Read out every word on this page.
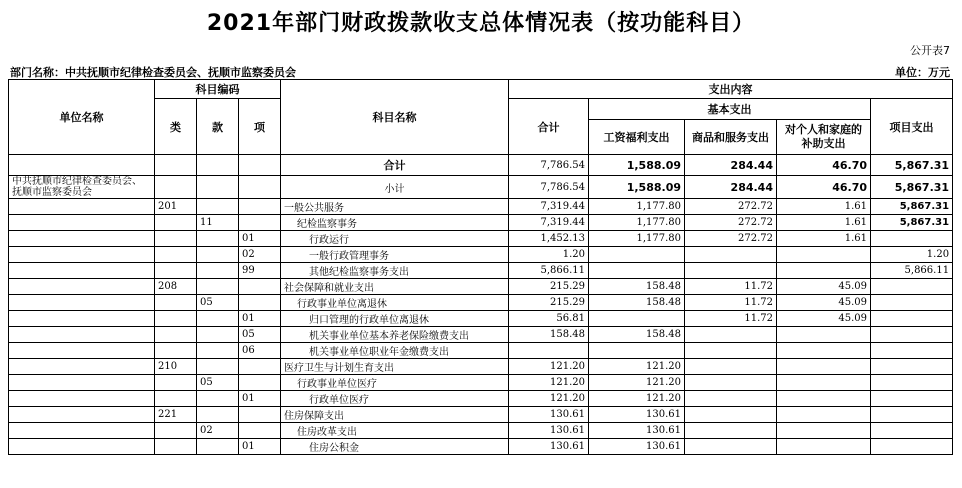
2021年部门财政拨款收支总体情况表（按功能科目）
公开表7
部门名称：中共抚顺市纪律检查委员会、抚顺市监察委员会	单位：万元
单位名称	科目编码			科目名称	支出内容				
	类	款	项		合计	基本支出			项目支出
						工资福利支出	商品和服务支出	对个人和家庭的补助支出	
				合计	7,786.54	1,588.09	284.44	46.70	5,867.31
中共抚顺市纪律检查委员会、抚顺市监察委员会				小计	7,786.54	1,588.09	284.44	46.70	5,867.31
	201			一般公共服务	7,319.44	1,177.80	272.72	1.61	5,867.31
		11		纪检监察事务	7,319.44	1,177.80	272.72	1.61	5,867.31
			01	行政运行	1,452.13	1,177.80	272.72	1.61	
			02	一般行政管理事务	1.20				1.20
			99	其他纪检监察事务支出	5,866.11				5,866.11
	208			社会保障和就业支出	215.29	158.48	11.72	45.09	
		05		行政事业单位离退休	215.29	158.48	11.72	45.09	
			01	归口管理的行政单位离退休	56.81		11.72	45.09	
			05	机关事业单位基本养老保险缴费支出	158.48	158.48			
			06	机关事业单位职业年金缴费支出					
	210			医疗卫生与计划生育支出	121.20	121.20			
		05		行政事业单位医疗	121.20	121.20			
			01	行政单位医疗	121.20	121.20			
	221			住房保障支出	130.61	130.61			
		02		住房改革支出	130.61	130.61			
			01	住房公积金	130.61	130.61			
